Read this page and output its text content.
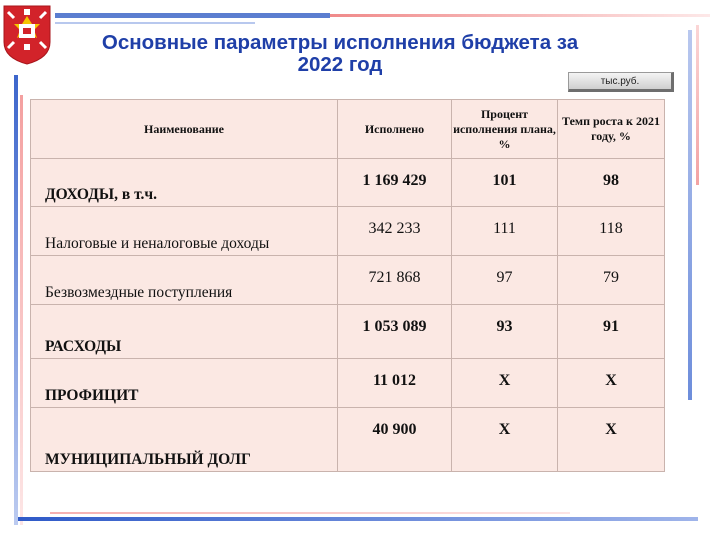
Основные параметры исполнения бюджета за
2022 год
тыс.руб.
Наименование	Исполнено	Процент исполнения плана, %	Темп роста к 2021 году, %
ДОХОДЫ, в т.ч.	1 169 429	101	98
Налоговые и неналоговые доходы	342 233	111	118
Безвозмездные поступления	721 868	97	79
РАСХОДЫ	1 053 089	93	91
ПРОФИЦИТ	11 012	Х	Х
МУНИЦИПАЛЬНЫЙ ДОЛГ	40 900	Х	Х
